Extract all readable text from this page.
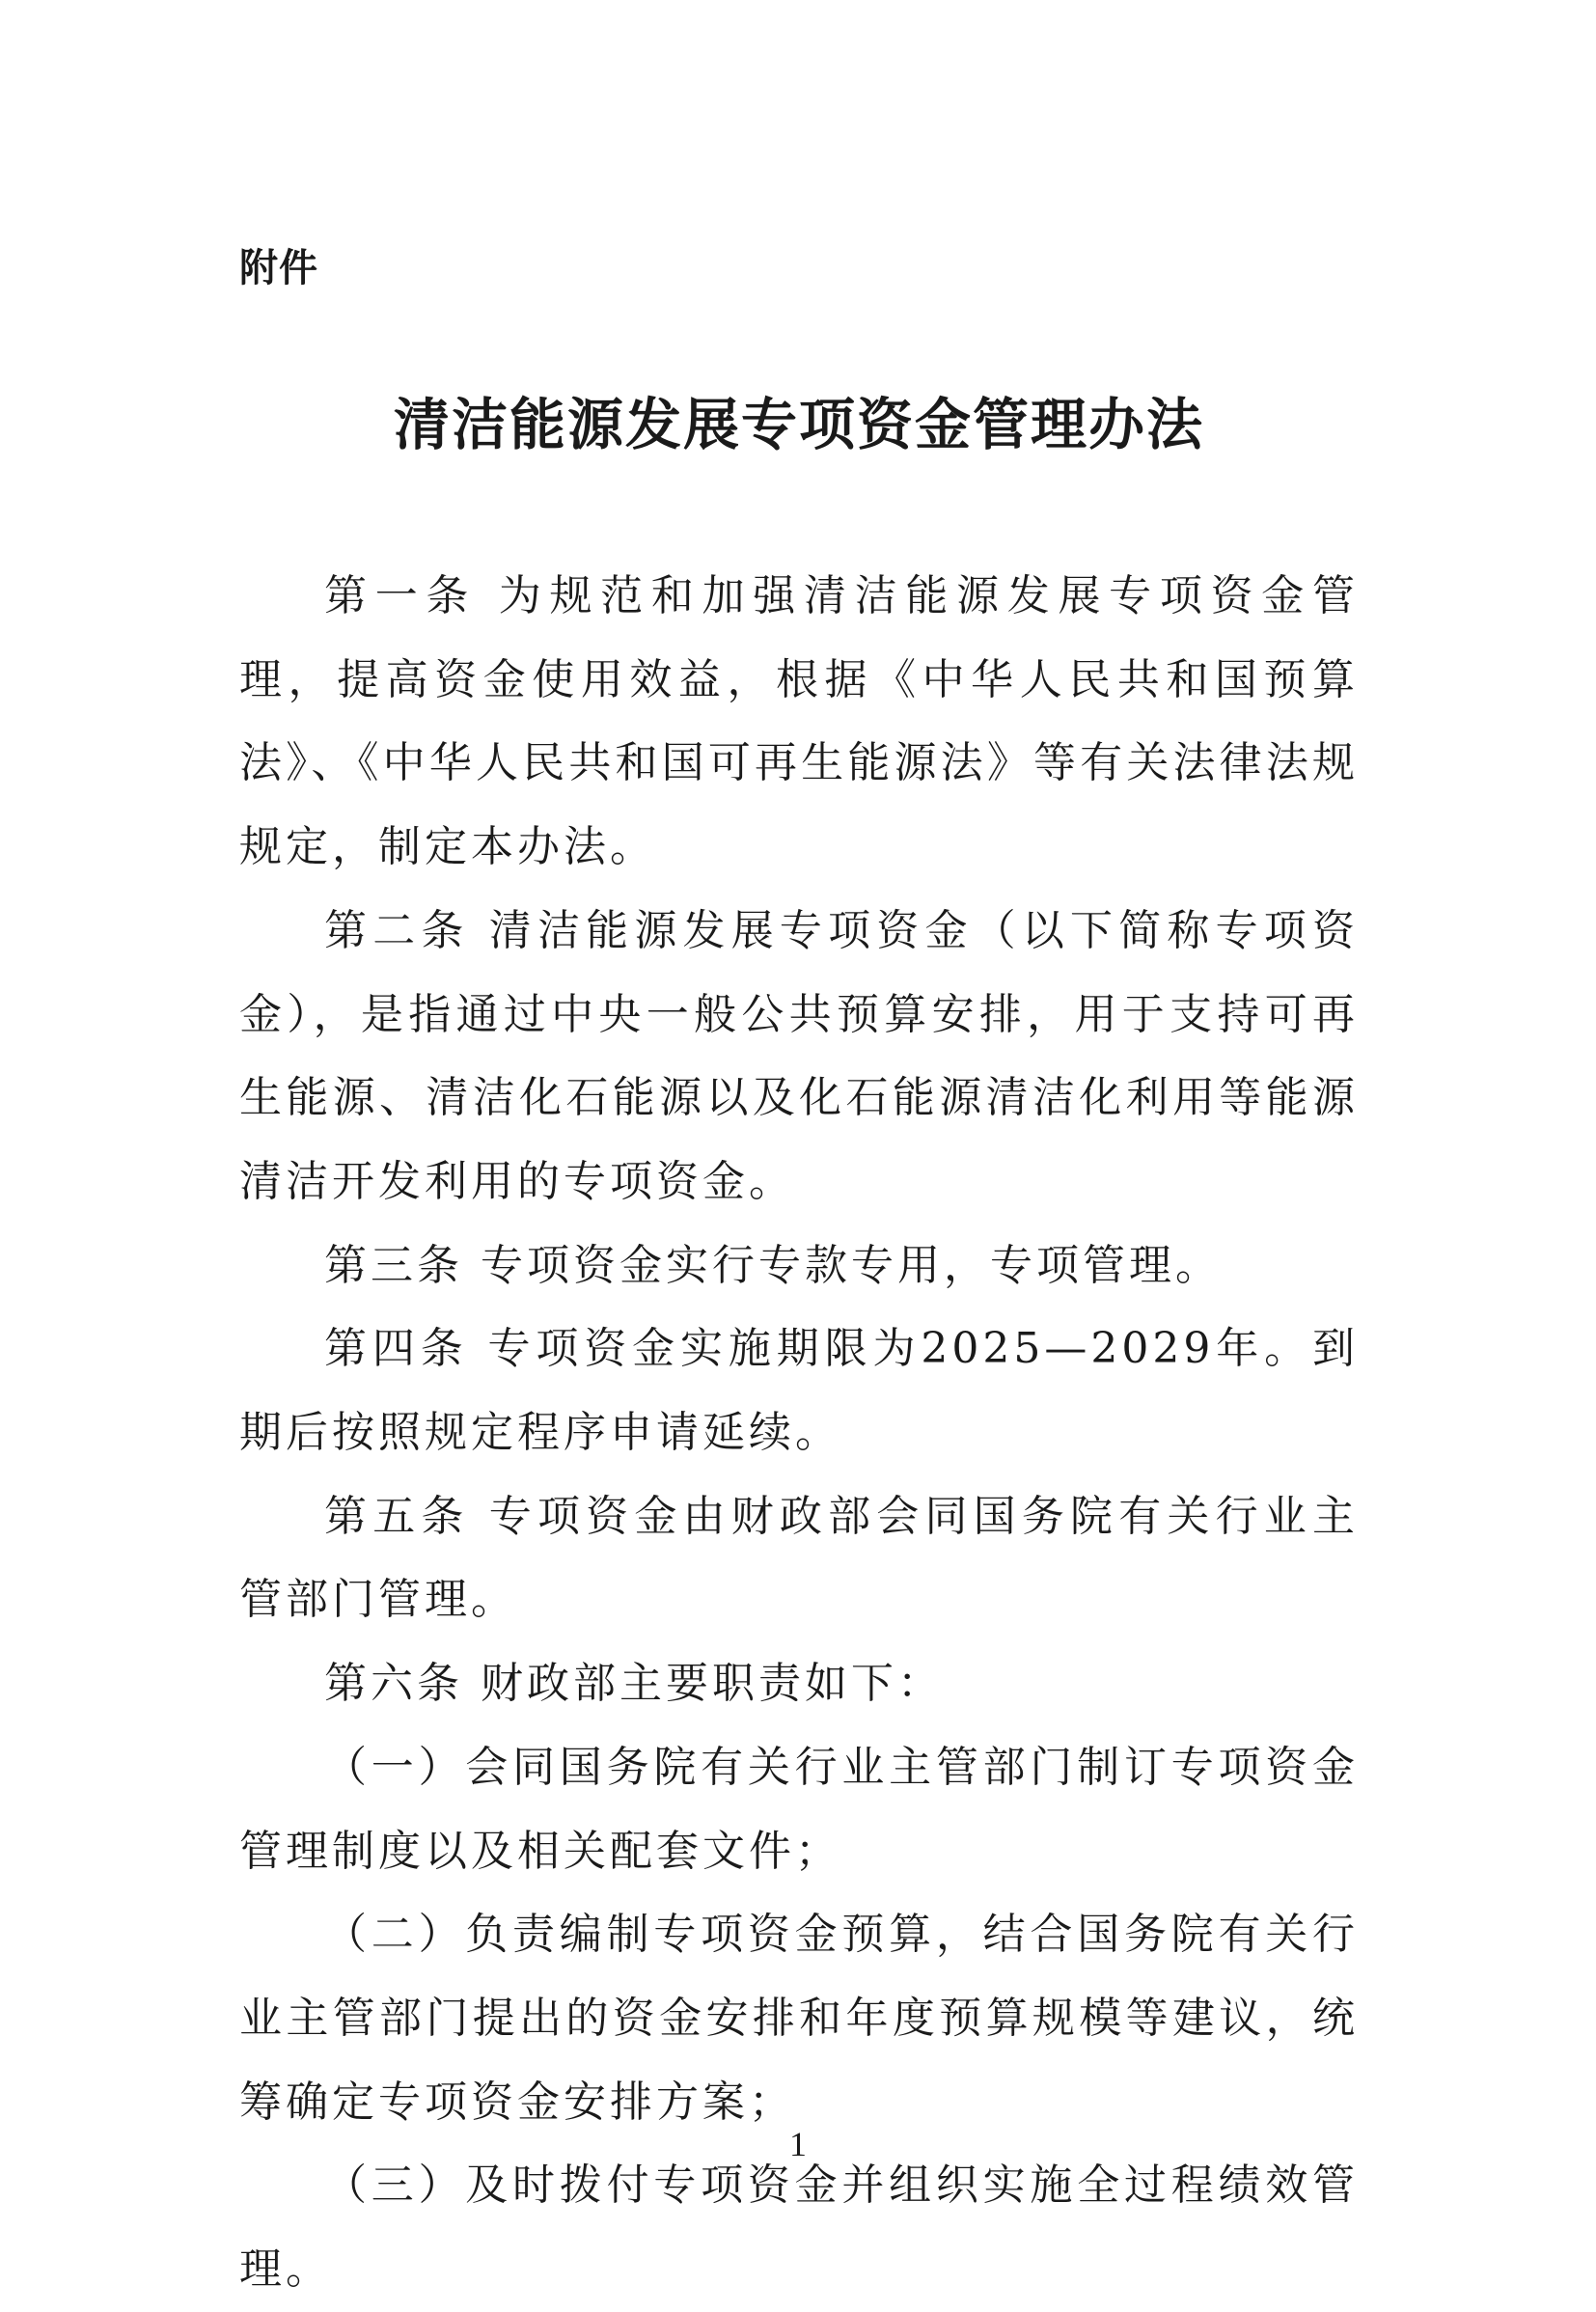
附件
清洁能源发展专项资金管理办法

第一条 为规范和加强清洁能源发展专项资金管理，提高资金使用效益，根据《中华人民共和国预算法》、《中华人民共和国可再生能源法》等有关法律法规规定，制定本办法。

第二条 清洁能源发展专项资金（以下简称专项资金），是指通过中央一般公共预算安排，用于支持可再生能源、清洁化石能源以及化石能源清洁化利用等能源清洁开发利用的专项资金。

第三条 专项资金实行专款专用，专项管理。

第四条 专项资金实施期限为2025—2029年。到期后按照规定程序申请延续。

第五条 专项资金由财政部会同国务院有关行业主管部门管理。

第六条 财政部主要职责如下：

（一）会同国务院有关行业主管部门制订专项资金管理制度以及相关配套文件；

（二）负责编制专项资金预算，结合国务院有关行业主管部门提出的资金安排和年度预算规模等建议，统筹确定专项资金安排方案；

（三）及时拨付专项资金并组织实施全过程绩效管理。

1
